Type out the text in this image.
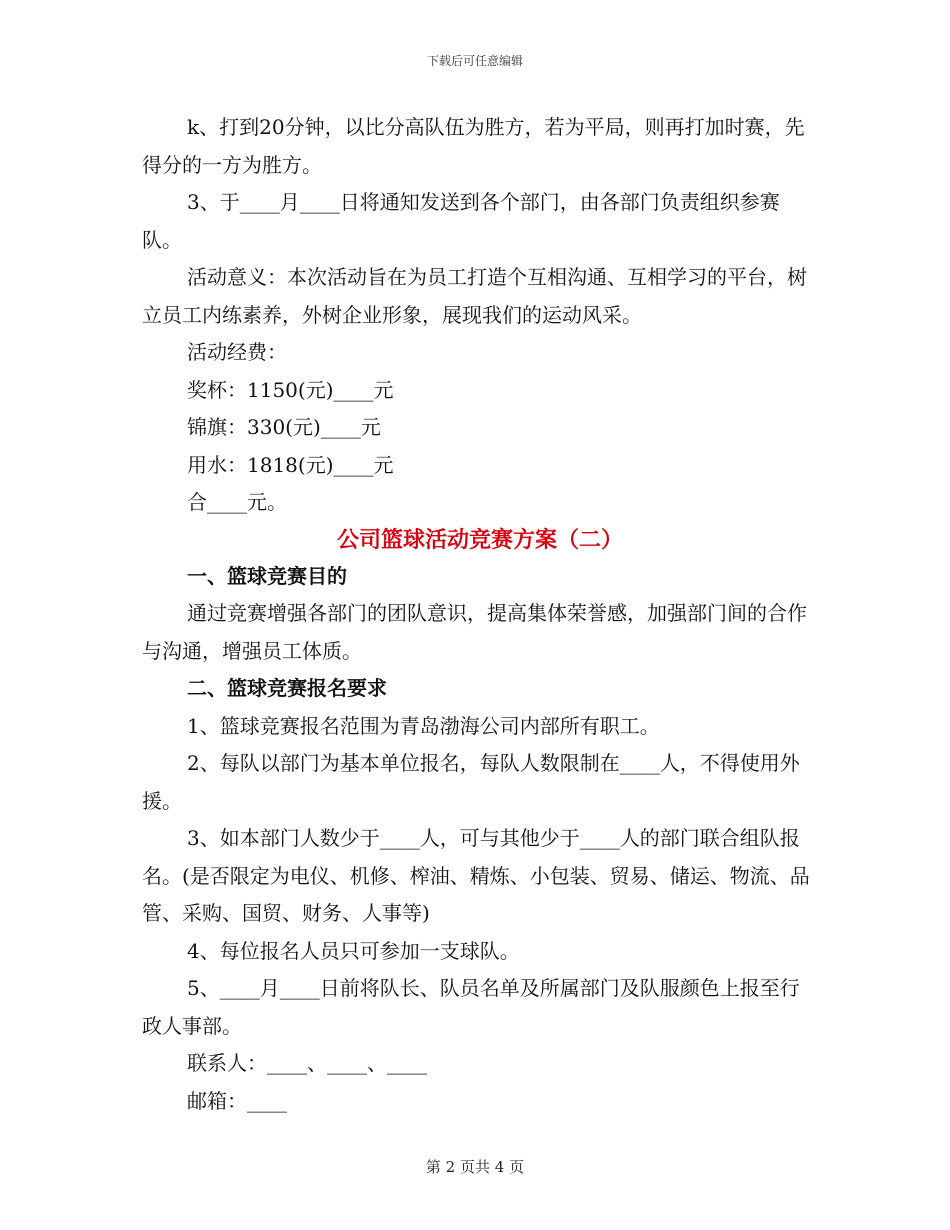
下载后可任意编辑

k、打到20分钟，以比分高队伍为胜方，若为平局，则再打加时赛，先得分的一方为胜方。

3、于____月____日将通知发送到各个部门，由各部门负责组织参赛队。

活动意义：本次活动旨在为员工打造个互相沟通、互相学习的平台，树立员工内练素养，外树企业形象，展现我们的运动风采。

活动经费：

奖杯：1150(元)____元

锦旗：330(元)____元

用水：1818(元)____元

合____元。

公司篮球活动竞赛方案（二）

一、篮球竞赛目的

通过竞赛增强各部门的团队意识，提高集体荣誉感，加强部门间的合作与沟通，增强员工体质。

二、篮球竞赛报名要求

1、篮球竞赛报名范围为青岛渤海公司内部所有职工。

2、每队以部门为基本单位报名，每队人数限制在____人，不得使用外援。

3、如本部门人数少于____人，可与其他少于____人的部门联合组队报名。(是否限定为电仪、机修、榨油、精炼、小包装、贸易、储运、物流、品管、采购、国贸、财务、人事等)

4、每位报名人员只可参加一支球队。

5、____月____日前将队长、队员名单及所属部门及队服颜色上报至行政人事部。

联系人：____、____、____

邮箱：____

第 2 页共 4 页
